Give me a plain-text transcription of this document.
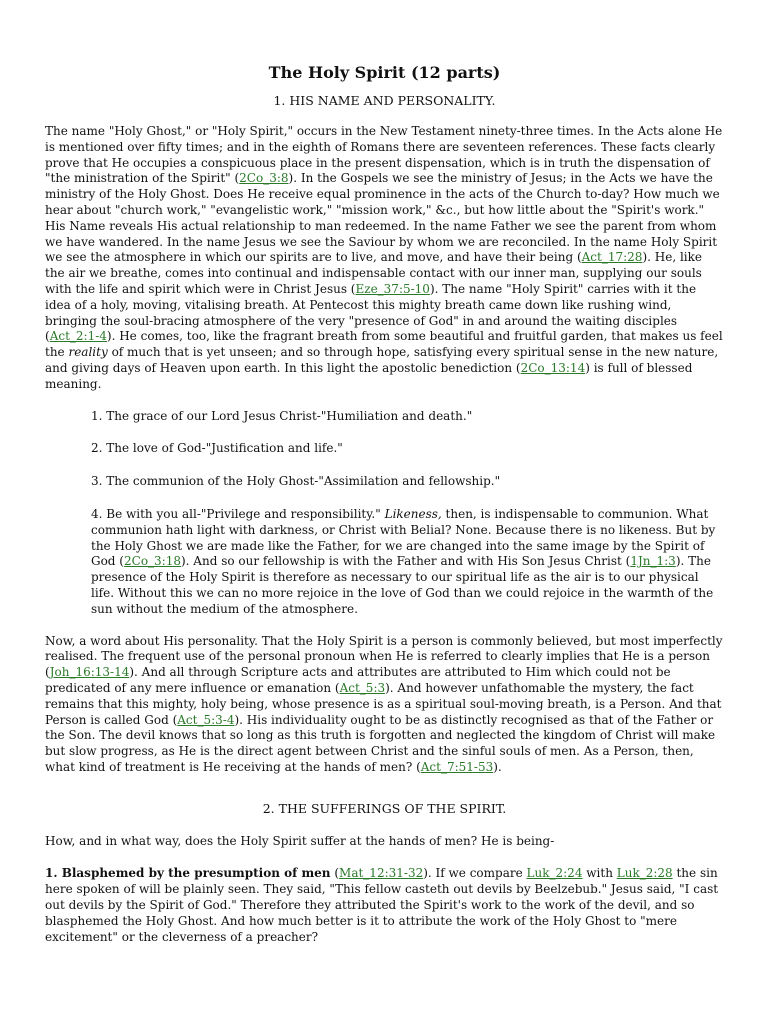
The Holy Spirit (12 parts)
1. HIS NAME AND PERSONALITY.

The name "Holy Ghost," or "Holy Spirit," occurs in the New Testament ninety-three times. In the Acts alone He is mentioned over fifty times; and in the eighth of Romans there are seventeen references. These facts clearly prove that He occupies a conspicuous place in the present dispensation, which is in truth the dispensation of "the ministration of the Spirit" (2Co_3:8). In the Gospels we see the ministry of Jesus; in the Acts we have the ministry of the Holy Ghost. Does He receive equal prominence in the acts of the Church to-day? How much we hear about "church work," "evangelistic work," "mission work," &c., but how little about the "Spirit's work." His Name reveals His actual relationship to man redeemed. In the name Father we see the parent from whom we have wandered. In the name Jesus we see the Saviour by whom we are reconciled. In the name Holy Spirit we see the atmosphere in which our spirits are to live, and move, and have their being (Act_17:28). He, like the air we breathe, comes into continual and indispensable contact with our inner man, supplying our souls with the life and spirit which were in Christ Jesus (Eze_37:5-10). The name "Holy Spirit" carries with it the idea of a holy, moving, vitalising breath. At Pentecost this mighty breath came down like rushing wind, bringing the soul-bracing atmosphere of the very "presence of God" in and around the waiting disciples (Act_2:1-4). He comes, too, like the fragrant breath from some beautiful and fruitful garden, that makes us feel the reality of much that is yet unseen; and so through hope, satisfying every spiritual sense in the new nature, and giving days of Heaven upon earth. In this light the apostolic benediction (2Co_13:14) is full of blessed meaning.

1. The grace of our Lord Jesus Christ-"Humiliation and death."

2. The love of God-"Justification and life."

3. The communion of the Holy Ghost-"Assimilation and fellowship."

4. Be with you all-"Privilege and responsibility." Likeness, then, is indispensable to communion. What communion hath light with darkness, or Christ with Belial? None. Because there is no likeness. But by the Holy Ghost we are made like the Father, for we are changed into the same image by the Spirit of God (2Co_3:18). And so our fellowship is with the Father and with His Son Jesus Christ (1Jn_1:3). The presence of the Holy Spirit is therefore as necessary to our spiritual life as the air is to our physical life. Without this we can no more rejoice in the love of God than we could rejoice in the warmth of the sun without the medium of the atmosphere.

Now, a word about His personality. That the Holy Spirit is a person is commonly believed, but most imperfectly realised. The frequent use of the personal pronoun when He is referred to clearly implies that He is a person (Joh_16:13-14). And all through Scripture acts and attributes are attributed to Him which could not be predicated of any mere influence or emanation (Act_5:3). And however unfathomable the mystery, the fact remains that this mighty, holy being, whose presence is as a spiritual soul-moving breath, is a Person. And that Person is called God (Act_5:3-4). His individuality ought to be as distinctly recognised as that of the Father or the Son. The devil knows that so long as this truth is forgotten and neglected the kingdom of Christ will make but slow progress, as He is the direct agent between Christ and the sinful souls of men. As a Person, then, what kind of treatment is He receiving at the hands of men? (Act_7:51-53).

2. THE SUFFERINGS OF THE SPIRIT.

How, and in what way, does the Holy Spirit suffer at the hands of men? He is being-

1. Blasphemed by the presumption of men (Mat_12:31-32). If we compare Luk_2:24 with Luk_2:28 the sin here spoken of will be plainly seen. They said, "This fellow casteth out devils by Beelzebub." Jesus said, "I cast out devils by the Spirit of God." Therefore they attributed the Spirit's work to the work of the devil, and so blasphemed the Holy Ghost. And how much better is it to attribute the work of the Holy Ghost to "mere excitement" or the cleverness of a preacher?
